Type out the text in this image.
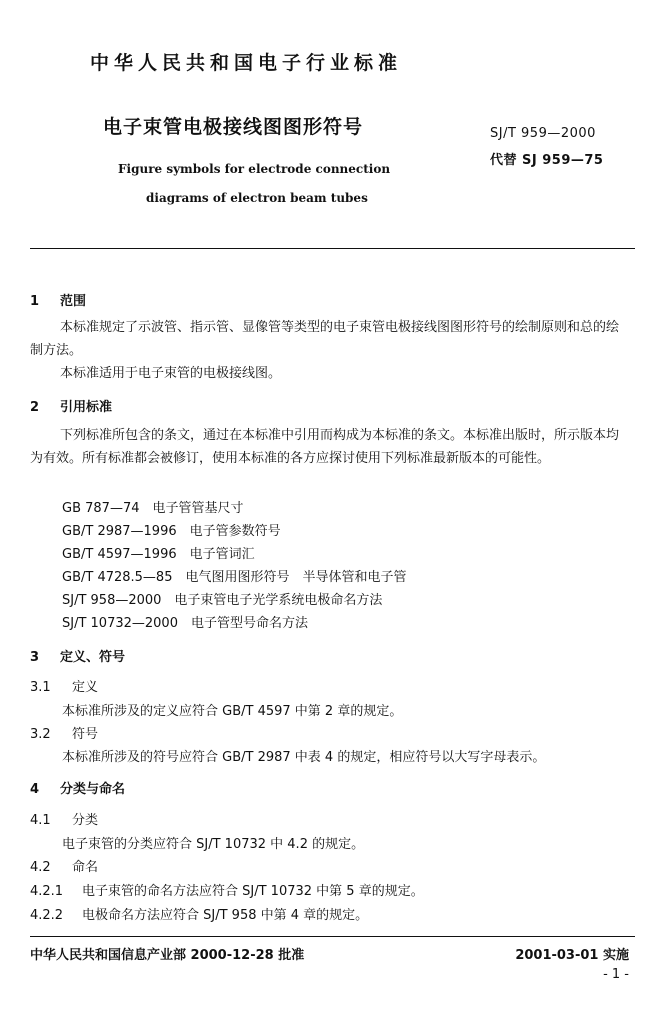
中华人民共和国电子行业标准
电子束管电极接线图图形符号	SJ/T 959—2000
代替 SJ 959—75
Figure symbols for electrode connection
diagrams of electron beam tubes
1 范围
本标准规定了示波管、指示管、显像管等类型的电子束管电极接线图图形符号的绘制原则和总的绘制方法。
本标准适用于电子束管的电极接线图。
2 引用标准
下列标准所包含的条文，通过在本标准中引用而构成为本标准的条文。本标准出版时，所示版本均为有效。所有标准都会被修订，使用本标准的各方应探讨使用下列标准最新版本的可能性。
GB 787—74　电子管管基尺寸
GB/T 2987—1996　电子管参数符号
GB/T 4597—1996　电子管词汇
GB/T 4728.5—85　电气图用图形符号　半导体管和电子管
SJ/T 958—2000　电子束管电子光学系统电极命名方法
SJ/T 10732—2000　电子管型号命名方法
3 定义、符号
3.1 定义
本标准所涉及的定义应符合 GB/T 4597 中第 2 章的规定。
3.2 符号
本标准所涉及的符号应符合 GB/T 2987 中表 4 的规定，相应符号以大写字母表示。
4 分类与命名
4.1 分类
电子束管的分类应符合 SJ/T 10732 中 4.2 的规定。
4.2 命名
4.2.1 电子束管的命名方法应符合 SJ/T 10732 中第 5 章的规定。
4.2.2 电极命名方法应符合 SJ/T 958 中第 4 章的规定。
中华人民共和国信息产业部 2000-12-28 批准	2001-03-01 实施
- 1 -
